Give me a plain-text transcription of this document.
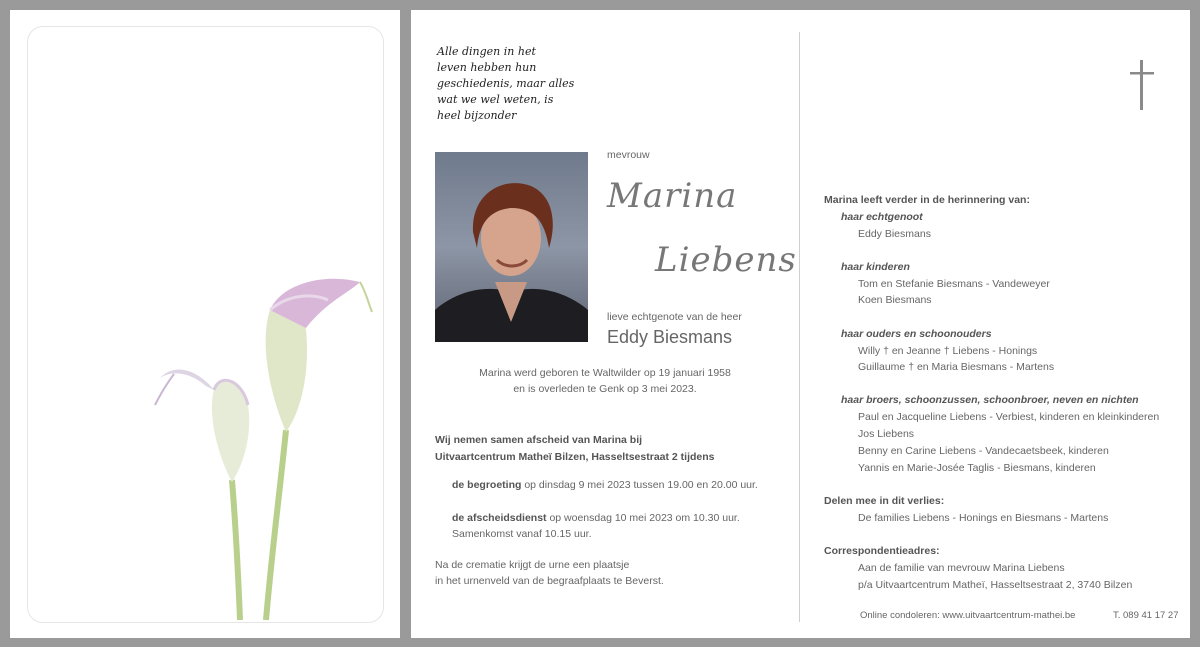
Alle dingen in het
leven hebben hun
geschiedenis, maar alles
wat we wel weten, is
heel bijzonder
mevrouw
Marina
Liebens
lieve echtgenote van de heer
Eddy Biesmans
Marina werd geboren te Waltwilder op 19 januari 1958
en is overleden te Genk op 3 mei 2023.
Wij nemen samen afscheid van Marina bij
Uitvaartcentrum Matheï Bilzen, Hasseltsestraat 2 tijdens
de begroeting op dinsdag 9 mei 2023 tussen 19.00 en 20.00 uur.
de afscheidsdienst op woensdag 10 mei 2023 om 10.30 uur.
Samenkomst vanaf 10.15 uur.
Na de crematie krijgt de urne een plaatsje
in het urnenveld van de begraafplaats te Beverst.
Marina leeft verder in de herinnering van:
haar echtgenoot
Eddy Biesmans
haar kinderen
Tom en Stefanie Biesmans - Vandeweyer
Koen Biesmans
haar ouders en schoonouders
Willy † en Jeanne † Liebens - Honings
Guillaume † en Maria Biesmans - Martens
haar broers, schoonzussen, schoonbroer, neven en nichten
Paul en Jacqueline Liebens - Verbiest, kinderen en kleinkinderen
Jos Liebens
Benny en Carine Liebens - Vandecaetsbeek, kinderen
Yannis en Marie-Josée Taglis - Biesmans, kinderen
Delen mee in dit verlies:
De families Liebens - Honings en Biesmans - Martens
Correspondentieadres:
Aan de familie van mevrouw Marina Liebens
p/a Uitvaartcentrum Matheï, Hasseltsestraat 2, 3740 Bilzen
Online condoleren: www.uitvaartcentrum-mathei.be	T. 089 41 17 27
